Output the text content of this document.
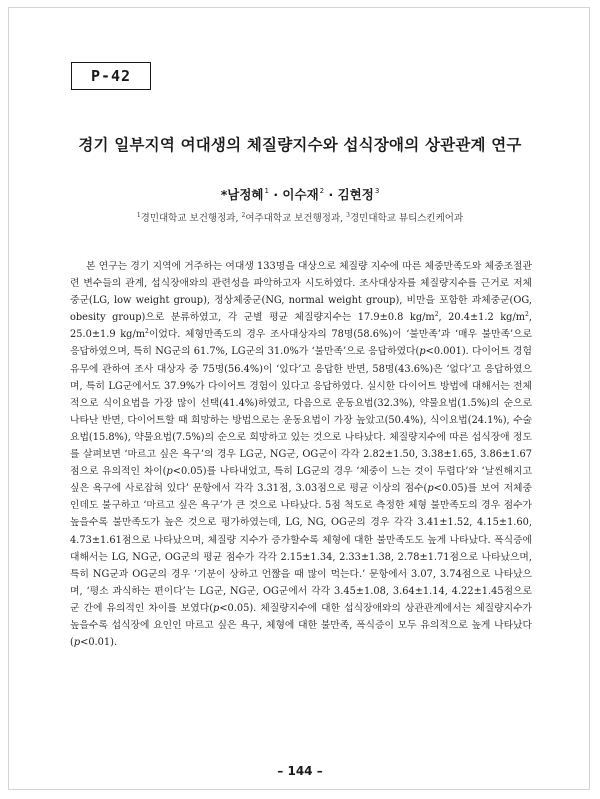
P-42
경기 일부지역 여대생의 체질량지수와 섭식장애의 상관관계 연구
*남정혜$^1$ · 이수재$^2$ · 김현정$^3$
$^1$경민대학교 보건행정과, $^2$여주대학교 보건행정과, $^3$경민대학교 뷰티스킨케어과

본 연구는 경기 지역에 거주하는 여대생 133명을 대상으로 체질량 지수에 따른 체중만족도와 체중조절관련 변수들의 관계, 섭식장애와의 관련성을 파악하고자 시도하였다. 조사대상자를 체질량지수를 근거로 저체중군(LG, low weight group), 정상체중군(NG, normal weight group), 비만을 포함한 과체중군(OG, obesity group)으로 분류하였고, 각 군별 평균 체질량지수는 17.9±0.8 $kg/m^2$, 20.4±1.2 $kg/m^2$, 25.0±1.9 $kg/m^2$이었다. 체형만족도의 경우 조사대상자의 78명(58.6%)이 ‘불만족’과 ‘매우 불만족’으로 응답하였으며, 특히 NG군의 61.7%, LG군의 31.0%가 ‘불만족’으로 응답하였다(p<0.001). 다이어트 경험 유무에 관하여 조사 대상자 중 75명(56.4%)이 ‘있다’고 응답한 반면, 58명(43.6%)은 ‘없다’고 응답하였으며, 특히 LG군에서도 37.9%가 다이어트 경험이 있다고 응답하였다. 실시한 다이어트 방법에 대해서는 전체적으로 식이요법을 가장 많이 선택(41.4%)하였고, 다음으로 운동요법(32.3%), 약물요법(1.5%)의 순으로 나타난 반면, 다이어트할 때 희망하는 방법으로는 운동요법이 가장 높았고(50.4%), 식이요법(24.1%), 수술요법(15.8%), 약물요법(7.5%)의 순으로 희망하고 있는 것으로 나타났다. 체질량지수에 따른 섭식장애 정도를 살펴보면 ‘마르고 싶은 욕구’의 경우 LG군, NG군, OG군이 각각 2.82±1.50, 3.38±1.65, 3.86±1.67점으로 유의적인 차이(p<0.05)를 나타내었고, 특히 LG군의 경우 ‘체중이 느는 것이 두렵다’와 ‘날씬해지고 싶은 욕구에 사로잡혀 있다’ 문항에서 각각 3.31점, 3.03점으로 평균 이상의 점수(p<0.05)를 보여 저체중인데도 불구하고 ‘마르고 싶은 욕구’가 큰 것으로 나타났다. 5점 척도로 측정한 체형 불만족도의 경우 점수가 높을수록 불만족도가 높은 것으로 평가하였는데, LG, NG, OG군의 경우 각각 3.41±1.52, 4.15±1.60, 4.73±1.61점으로 나타났으며, 체질량 지수가 증가할수록 체형에 대한 불만족도도 높게 나타났다. 폭식증에 대해서는 LG, NG군, OG군의 평균 점수가 각각 2.15±1.34, 2.33±1.38, 2.78±1.71점으로 나타났으며, 특히 NG군과 OG군의 경우 ‘기분이 상하고 언짢을 때 많이 먹는다.’ 문항에서 3.07, 3.74점으로 나타났으며, ‘평소 과식하는 편이다’는 LG군, NG군, OG군에서 각각 3.45±1.08, 3.64±1.14, 4.22±1.45점으로 군 간에 유의적인 차이를 보였다(p<0.05). 체질량지수에 대한 섭식장애와의 상관관계에서는 체질량지수가 높을수록 섭식장에 요인인 마르고 싶은 욕구, 체형에 대한 불만족, 폭식증이 모두 유의적으로 높게 나타났다(p<0.01).

– 144 –
